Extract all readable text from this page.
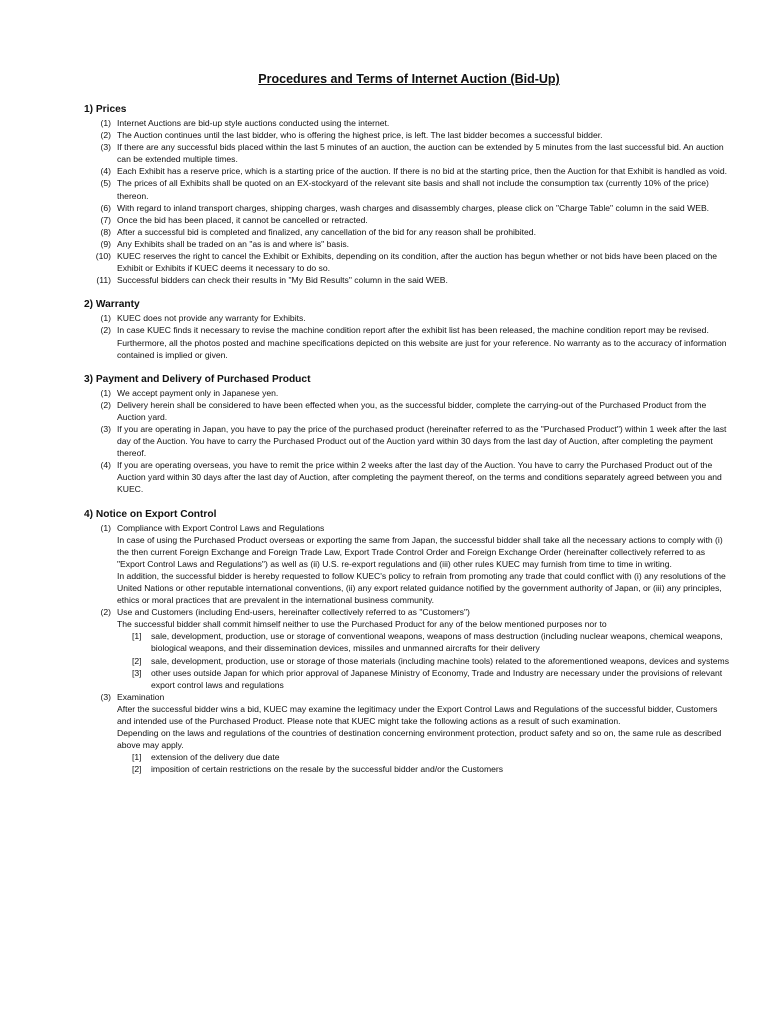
Procedures and Terms of Internet Auction (Bid-Up)
1) Prices
(1) Internet Auctions are bid-up style auctions conducted using the internet.
(2) The Auction continues until the last bidder, who is offering the highest price, is left. The last bidder becomes a successful bidder.
(3) If there are any successful bids placed within the last 5 minutes of an auction, the auction can be extended by 5 minutes from the last successful bid. An auction can be extended multiple times.
(4) Each Exhibit has a reserve price, which is a starting price of the auction. If there is no bid at the starting price, then the Auction for that Exhibit is handled as void.
(5) The prices of all Exhibits shall be quoted on an EX-stockyard of the relevant site basis and shall not include the consumption tax (currently 10% of the price) thereon.
(6) With regard to inland transport charges, shipping charges, wash charges and disassembly charges, please click on "Charge Table" column in the said WEB.
(7) Once the bid has been placed, it cannot be cancelled or retracted.
(8) After a successful bid is completed and finalized, any cancellation of the bid for any reason shall be prohibited.
(9) Any Exhibits shall be traded on an "as is and where is" basis.
(10) KUEC reserves the right to cancel the Exhibit or Exhibits, depending on its condition, after the auction has begun whether or not bids have been placed on the Exhibit or Exhibits if KUEC deems it necessary to do so.
(11) Successful bidders can check their results in "My Bid Results" column in the said WEB.
2) Warranty
(1) KUEC does not provide any warranty for Exhibits.
(2) In case KUEC finds it necessary to revise the machine condition report after the exhibit list has been released, the machine condition report may be revised. Furthermore, all the photos posted and machine specifications depicted on this website are just for your reference. No warranty as to the accuracy of information contained is implied or given.
3) Payment and Delivery of Purchased Product
(1) We accept payment only in Japanese yen.
(2) Delivery herein shall be considered to have been effected when you, as the successful bidder, complete the carrying-out of the Purchased Product from the Auction yard.
(3) If you are operating in Japan, you have to pay the price of the purchased product (hereinafter referred to as the "Purchased Product") within 1 week after the last day of the Auction. You have to carry the Purchased Product out of the Auction yard within 30 days from the last day of Auction, after completing the payment thereof.
(4) If you are operating overseas, you have to remit the price within 2 weeks after the last day of the Auction. You have to carry the Purchased Product out of the Auction yard within 30 days after the last day of Auction, after completing the payment thereof, on the terms and conditions separately agreed between you and KUEC.
4) Notice on Export Control
(1) Compliance with Export Control Laws and Regulations
In case of using the Purchased Product overseas or exporting the same from Japan, the successful bidder shall take all the necessary actions to comply with (i) the then current Foreign Exchange and Foreign Trade Law, Export Trade Control Order and Foreign Exchange Order (hereinafter collectively referred to as "Export Control Laws and Regulations") as well as (ii) U.S. re-export regulations and (iii) other rules KUEC may furnish from time to time in writing.
In addition, the successful bidder is hereby requested to follow KUEC's policy to refrain from promoting any trade that could conflict with (i) any resolutions of the United Nations or other reputable international conventions, (ii) any export related guidance notified by the government authority of Japan, or (iii) any principles, ethics or moral practices that are prevalent in the international business community.
(2) Use and Customers (including End-users, hereinafter collectively referred to as "Customers")
The successful bidder shall commit himself neither to use the Purchased Product for any of the below mentioned purposes nor to
[1] sale, development, production, use or storage of conventional weapons, weapons of mass destruction (including nuclear weapons, chemical weapons, biological weapons, and their dissemination devices, missiles and unmanned aircrafts for their delivery
[2] sale, development, production, use or storage of those materials (including machine tools) related to the aforementioned weapons, devices and systems
[3] other uses outside Japan for which prior approval of Japanese Ministry of Economy, Trade and Industry are necessary under the provisions of relevant export control laws and regulations
(3) Examination
After the successful bidder wins a bid, KUEC may examine the legitimacy under the Export Control Laws and Regulations of the successful bidder, Customers and intended use of the Purchased Product. Please note that KUEC might take the following actions as a result of such examination.
Depending on the laws and regulations of the countries of destination concerning environment protection, product safety and so on, the same rule as described above may apply.
[1] extension of the delivery due date
[2] imposition of certain restrictions on the resale by the successful bidder and/or the Customers
